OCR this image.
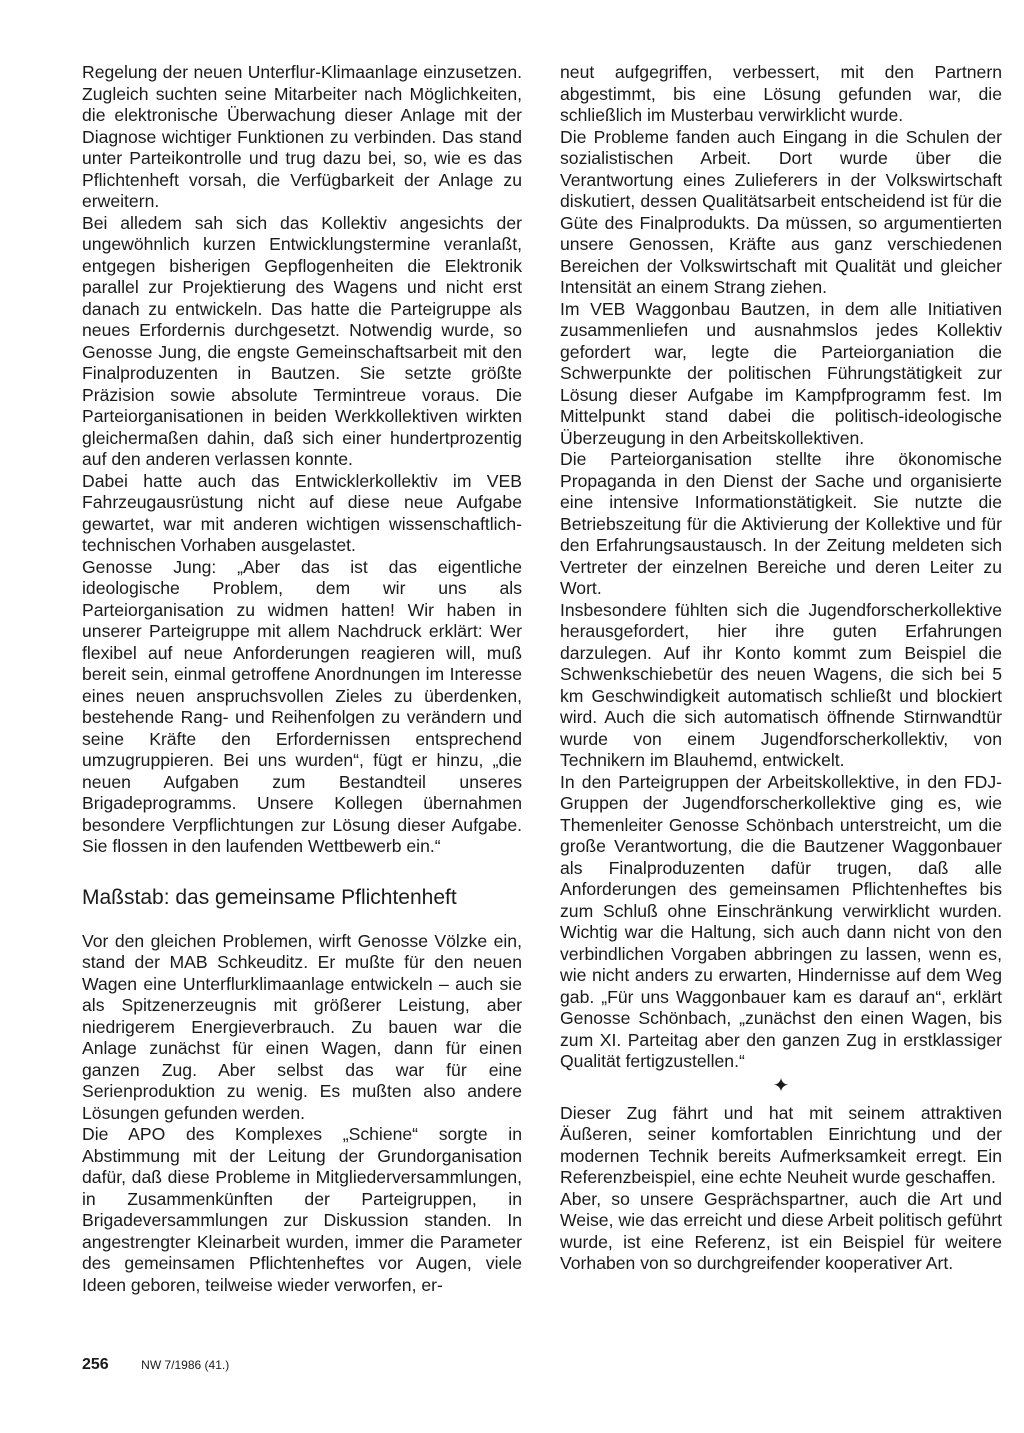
Regelung der neuen Unterflur-Klimaanlage einzusetzen. Zugleich suchten seine Mitarbeiter nach Möglichkeiten, die elektronische Überwachung dieser Anlage mit der Diagnose wichtiger Funktionen zu verbinden. Das stand unter Parteikontrolle und trug dazu bei, so, wie es das Pflichtenheft vorsah, die Verfügbarkeit der Anlage zu erweitern.

Bei alledem sah sich das Kollektiv angesichts der ungewöhnlich kurzen Entwicklungstermine veranlaßt, entgegen bisherigen Gepflogenheiten die Elektronik parallel zur Projektierung des Wagens und nicht erst danach zu entwickeln. Das hatte die Parteigruppe als neues Erfordernis durchgesetzt. Notwendig wurde, so Genosse Jung, die engste Gemeinschaftsarbeit mit den Finalproduzenten in Bautzen. Sie setzte größte Präzision sowie absolute Termintreue voraus. Die Parteiorganisationen in beiden Werkkollektiven wirkten gleichermaßen dahin, daß sich einer hundertprozentig auf den anderen verlassen konnte.

Dabei hatte auch das Entwicklerkollektiv im VEB Fahrzeugausrüstung nicht auf diese neue Aufgabe gewartet, war mit anderen wichtigen wissenschaftlich-technischen Vorhaben ausgelastet.

Genosse Jung: „Aber das ist das eigentliche ideologische Problem, dem wir uns als Parteiorganisation zu widmen hatten! Wir haben in unserer Parteigruppe mit allem Nachdruck erklärt: Wer flexibel auf neue Anforderungen reagieren will, muß bereit sein, einmal getroffene Anordnungen im Interesse eines neuen anspruchsvollen Zieles zu überdenken, bestehende Rang- und Reihenfolgen zu verändern und seine Kräfte den Erfordernissen entsprechend umzugruppieren. Bei uns wurden“, fügt er hinzu, „die neuen Aufgaben zum Bestandteil unseres Brigadeprogramms. Unsere Kollegen übernahmen besondere Verpflichtungen zur Lösung dieser Aufgabe. Sie flossen in den laufenden Wettbewerb ein.“

Maßstab: das gemeinsame Pflichtenheft

Vor den gleichen Problemen, wirft Genosse Völzke ein, stand der MAB Schkeuditz. Er mußte für den neuen Wagen eine Unterflurklimaanlage entwickeln – auch sie als Spitzenerzeugnis mit größerer Leistung, aber niedrigerem Energieverbrauch. Zu bauen war die Anlage zunächst für einen Wagen, dann für einen ganzen Zug. Aber selbst das war für eine Serienproduktion zu wenig. Es mußten also andere Lösungen gefunden werden.

Die APO des Komplexes „Schiene“ sorgte in Abstimmung mit der Leitung der Grundorganisation dafür, daß diese Probleme in Mitgliederversammlungen, in Zusammenkünften der Parteigruppen, in Brigadeversammlungen zur Diskussion standen. In angestrengter Kleinarbeit wurden, immer die Parameter des gemeinsamen Pflichtenheftes vor Augen, viele Ideen geboren, teilweise wieder verworfen, er-

neut aufgegriffen, verbessert, mit den Partnern abgestimmt, bis eine Lösung gefunden war, die schließlich im Musterbau verwirklicht wurde.

Die Probleme fanden auch Eingang in die Schulen der sozialistischen Arbeit. Dort wurde über die Verantwortung eines Zulieferers in der Volkswirtschaft diskutiert, dessen Qualitätsarbeit entscheidend ist für die Güte des Finalprodukts. Da müssen, so argumentierten unsere Genossen, Kräfte aus ganz verschiedenen Bereichen der Volkswirtschaft mit Qualität und gleicher Intensität an einem Strang ziehen.

Im VEB Waggonbau Bautzen, in dem alle Initiativen zusammenliefen und ausnahmslos jedes Kollektiv gefordert war, legte die Parteiorganiation die Schwerpunkte der politischen Führungstätigkeit zur Lösung dieser Aufgabe im Kampfprogramm fest. Im Mittelpunkt stand dabei die politisch-ideologische Überzeugung in den Arbeitskollektiven.

Die Parteiorganisation stellte ihre ökonomische Propaganda in den Dienst der Sache und organisierte eine intensive Informationstätigkeit. Sie nutzte die Betriebszeitung für die Aktivierung der Kollektive und für den Erfahrungsaustausch. In der Zeitung meldeten sich Vertreter der einzelnen Bereiche und deren Leiter zu Wort.

Insbesondere fühlten sich die Jugendforscherkollektive herausgefordert, hier ihre guten Erfahrungen darzulegen. Auf ihr Konto kommt zum Beispiel die Schwenkschiebetür des neuen Wagens, die sich bei 5 km Geschwindigkeit automatisch schließt und blockiert wird. Auch die sich automatisch öffnende Stirnwandtür wurde von einem Jugendforscherkollektiv, von Technikern im Blauhemd, entwickelt.

In den Parteigruppen der Arbeitskollektive, in den FDJ-Gruppen der Jugendforscherkollektive ging es, wie Themenleiter Genosse Schönbach unterstreicht, um die große Verantwortung, die die Bautzener Waggonbauer als Finalproduzenten dafür trugen, daß alle Anforderungen des gemeinsamen Pflichtenheftes bis zum Schluß ohne Einschränkung verwirklicht wurden. Wichtig war die Haltung, sich auch dann nicht von den verbindlichen Vorgaben abbringen zu lassen, wenn es, wie nicht anders zu erwarten, Hindernisse auf dem Weg gab. „Für uns Waggonbauer kam es darauf an“, erklärt Genosse Schönbach, „zunächst den einen Wagen, bis zum XI. Parteitag aber den ganzen Zug in erstklassiger Qualität fertigzustellen.“

✦

Dieser Zug fährt und hat mit seinem attraktiven Äußeren, seiner komfortablen Einrichtung und der modernen Technik bereits Aufmerksamkeit erregt. Ein Referenzbeispiel, eine echte Neuheit wurde geschaffen.

Aber, so unsere Gesprächspartner, auch die Art und Weise, wie das erreicht und diese Arbeit politisch geführt wurde, ist eine Referenz, ist ein Beispiel für weitere Vorhaben von so durchgreifender kooperativer Art.

256	NW 7/1986 (41.)
